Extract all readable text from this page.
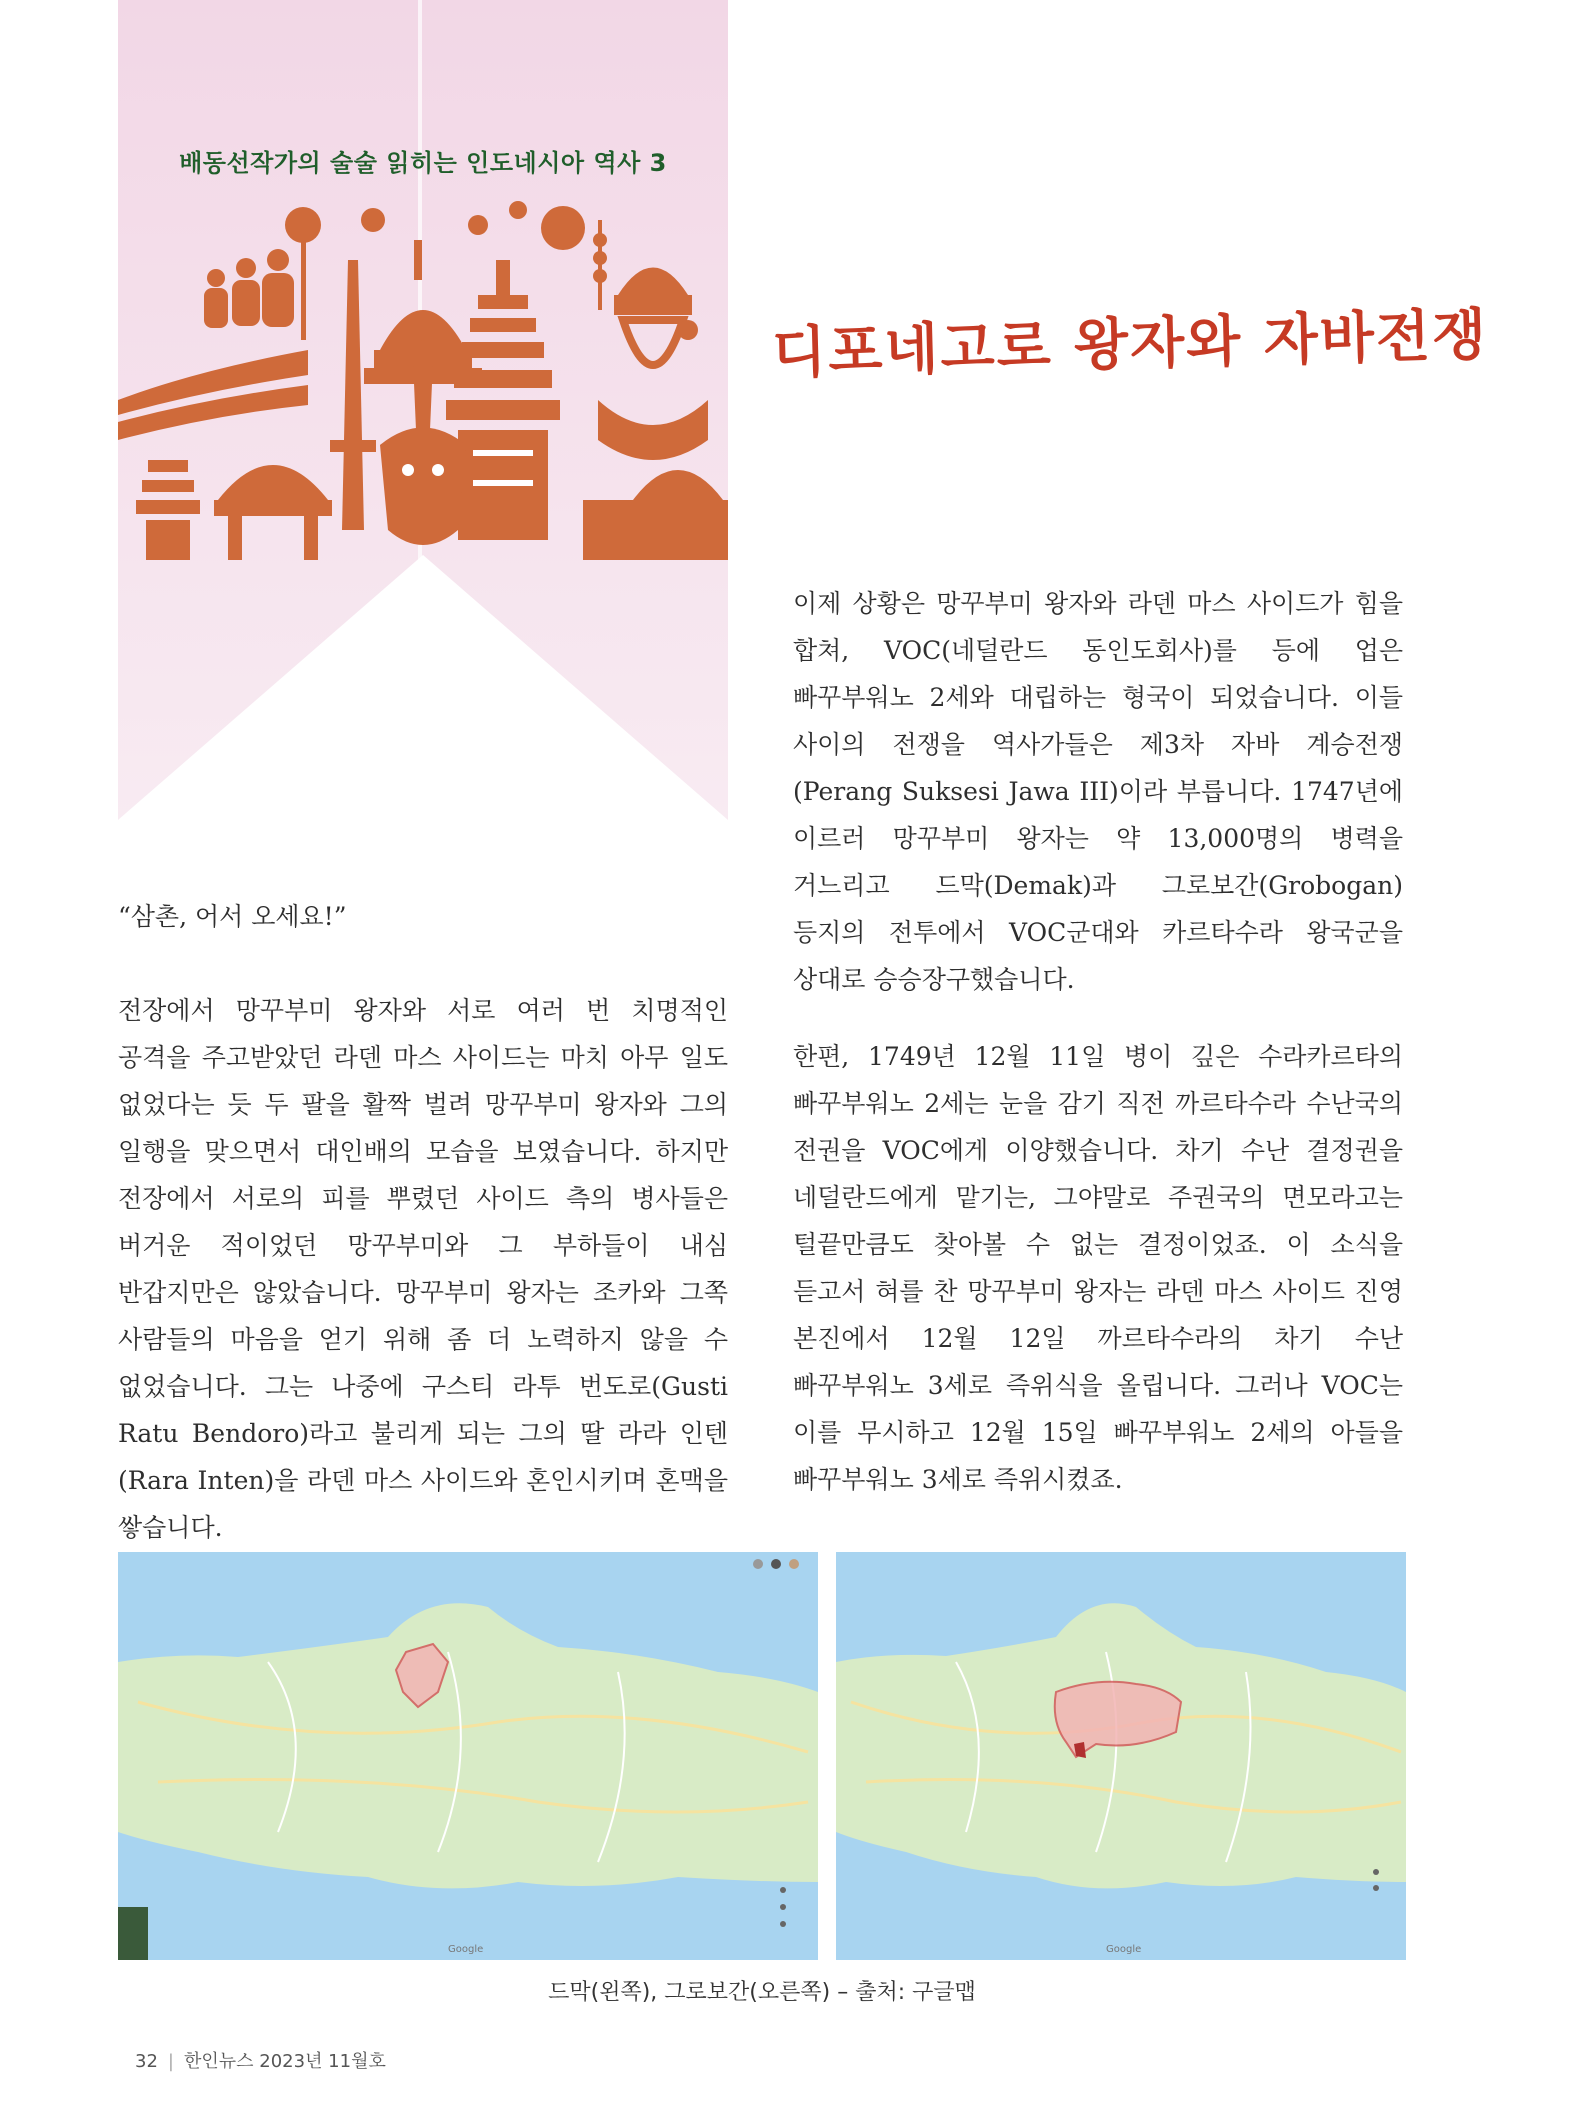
배동선작가의 술술 읽히는 인도네시아 역사 3
디포네고로 왕자와 자바전쟁

이제 상황은 망꾸부미 왕자와 라덴 마스 사이드가 힘을 합쳐, VOC(네덜란드 동인도회사)를 등에 업은 빠꾸부워노 2세와 대립하는 형국이 되었습니다. 이들 사이의 전쟁을 역사가들은 제3차 자바 계승전쟁(Perang Suksesi Jawa III)이라 부릅니다. 1747년에 이르러 망꾸부미 왕자는 약 13,000명의 병력을 거느리고 드막(Demak)과 그로보간(Grobogan) 등지의 전투에서 VOC군대와 카르타수라 왕국군을 상대로 승승장구했습니다.

한편, 1749년 12월 11일 병이 깊은 수라카르타의 빠꾸부워노 2세는 눈을 감기 직전 까르타수라 수난국의 전권을 VOC에게 이양했습니다. 차기 수난 결정권을 네덜란드에게 맡기는, 그야말로 주권국의 면모라고는 털끝만큼도 찾아볼 수 없는 결정이었죠. 이 소식을 듣고서 혀를 찬 망꾸부미 왕자는 라덴 마스 사이드 진영 본진에서 12월 12일 까르타수라의 차기 수난 빠꾸부워노 3세로 즉위식을 올립니다. 그러나 VOC는 이를 무시하고 12월 15일 빠꾸부워노 2세의 아들을 빠꾸부워노 3세로 즉위시켰죠.

“삼촌, 어서 오세요!”

전장에서 망꾸부미 왕자와 서로 여러 번 치명적인 공격을 주고받았던 라덴 마스 사이드는 마치 아무 일도 없었다는 듯 두 팔을 활짝 벌려 망꾸부미 왕자와 그의 일행을 맞으면서 대인배의 모습을 보였습니다. 하지만 전장에서 서로의 피를 뿌렸던 사이드 측의 병사들은 버거운 적이었던 망꾸부미와 그 부하들이 내심 반갑지만은 않았습니다. 망꾸부미 왕자는 조카와 그쪽 사람들의 마음을 얻기 위해 좀 더 노력하지 않을 수 없었습니다. 그는 나중에 구스티 라투 번도로(Gusti Ratu Bendoro)라고 불리게 되는 그의 딸 라라 인텐(Rara Inten)을 라덴 마스 사이드와 혼인시키며 혼맥을 쌓습니다.

Google	Google
드막(왼쪽), 그로보간(오른쪽) – 출처: 구글맵
32 | 한인뉴스 2023년 11월호
